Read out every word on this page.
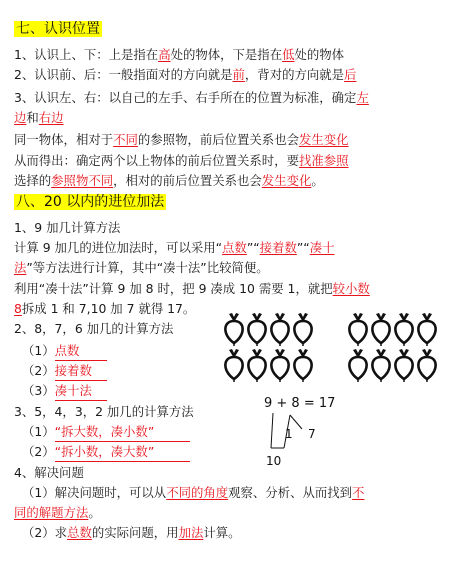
七、认识位置
1、认识上、下：上是指在高处的物体，下是指在低处的物体
2、认识前、后：一般指面对的方向就是前，背对的方向就是后
3、认识左、右：以自己的左手、右手所在的位置为标准，确定左
边和右边
同一物体，相对于不同的参照物，前后位置关系也会发生变化
从而得出：确定两个以上物体的前后位置关系时，要找准参照
选择的参照物不同，相对的前后位置关系也会发生变化。
八、20 以内的进位加法
1、9 加几计算方法
计算 9 加几的进位加法时，可以采用“点数”“接着数”“凑十
法”等方法进行计算，其中“凑十法”比较简便。
利用“凑十法”计算 9 加 8 时，把 9 凑成 10 需要 1，就把较小数
8拆成 1 和 7,10 加 7 就得 17。
2、8，7，6 加几的计算方法
（1）点数
（2）接着数
（3）凑十法
3、5，4，3，2 加几的计算方法
（1）“拆大数，凑小数”
（2）“拆小数，凑大数”
4、解决问题
（1）解决问题时，可以从不同的角度观察、分析、从而找到不
同的解题方法。
（2）求总数的实际问题，用加法计算。
9 + 8 = 17
1 7
10
